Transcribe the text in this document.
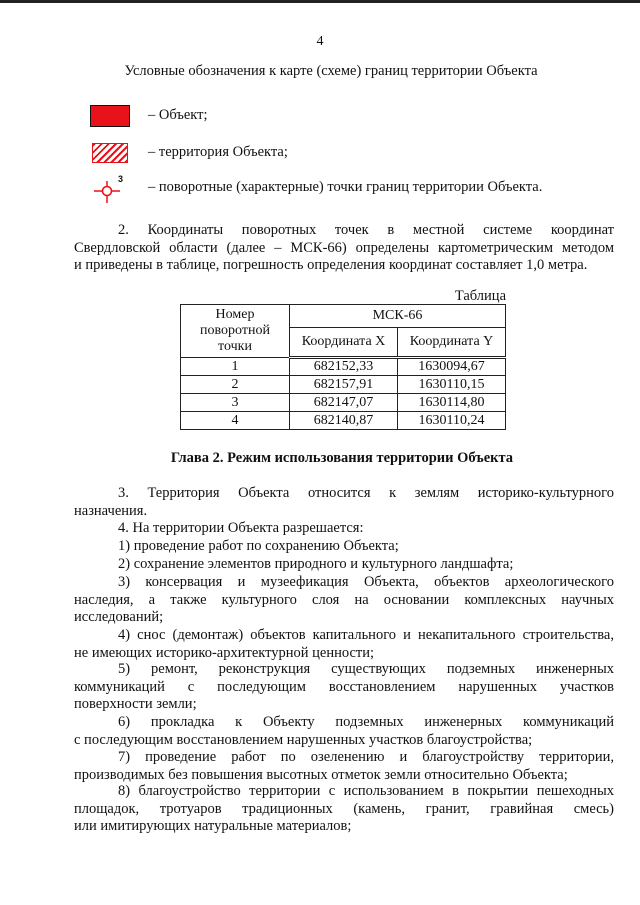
4
Условные обозначения к карте (схеме) границ территории Объекта
– Объект;
– территория Объекта;
3 – поворотные (характерные) точки границ территории Объекта.
2. Координаты поворотных точек в местной системе координат
Свердловской области (далее – МСК-66) определены картометрическим методом
и приведены в таблице, погрешность определения координат составляет 1,0 метра.
Таблица
Номер
поворотной
точки	МСК-66	
	Координата X	Координата Y
1	682152,33	1630094,67
2	682157,91	1630110,15
3	682147,07	1630114,80
4	682140,87	1630110,24
Глава 2. Режим использования территории Объекта
3. Территория Объекта относится к землям историко-культурного
назначения.
4. На территории Объекта разрешается:
1) проведение работ по сохранению Объекта;
2) сохранение элементов природного и культурного ландшафта;
3) консервация и музеефикация Объекта, объектов археологического
наследия, а также культурного слоя на основании комплексных научных
исследований;
4) снос (демонтаж) объектов капитального и некапитального строительства,
не имеющих историко-архитектурной ценности;
5) ремонт, реконструкция существующих подземных инженерных
коммуникаций с последующим восстановлением нарушенных участков
поверхности земли;
6) прокладка к Объекту подземных инженерных коммуникаций
с последующим восстановлением нарушенных участков благоустройства;
7) проведение работ по озеленению и благоустройству территории,
производимых без повышения высотных отметок земли относительно Объекта;
8) благоустройство территории с использованием в покрытии пешеходных
площадок, тротуаров традиционных (камень, гранит, гравийная смесь)
или имитирующих натуральные материалов;
